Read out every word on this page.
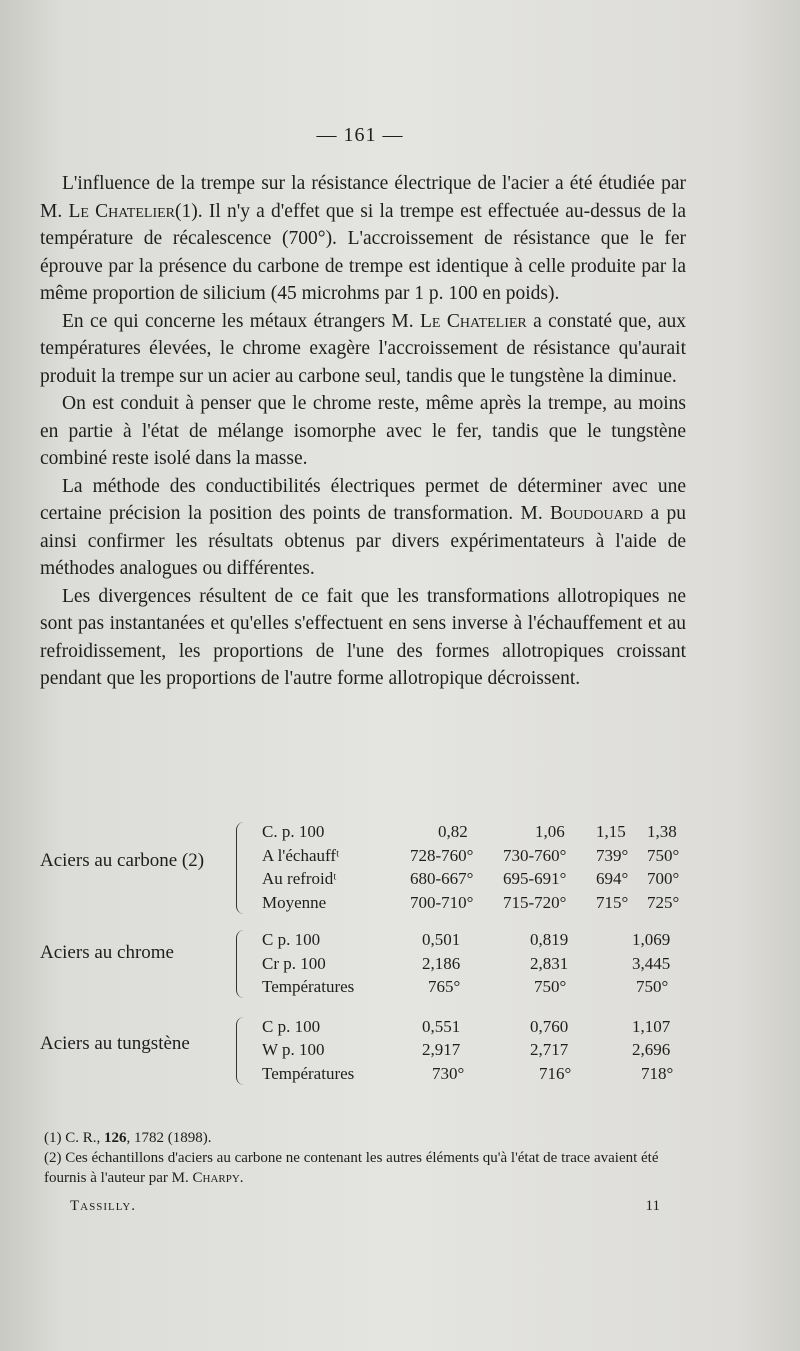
— 161 —

L'influence de la trempe sur la résistance électrique de l'acier a été étudiée par M. Le Chatelier(1). Il n'y a d'effet que si la trempe est effectuée au-dessus de la température de récalescence (700°). L'accroissement de résistance que le fer éprouve par la présence du carbone de trempe est identique à celle produite par la même proportion de silicium (45 microhms par 1 p. 100 en poids).

En ce qui concerne les métaux étrangers M. Le Chatelier a constaté que, aux températures élevées, le chrome exagère l'accroissement de résistance qu'aurait produit la trempe sur un acier au carbone seul, tandis que le tungstène la diminue.

On est conduit à penser que le chrome reste, même après la trempe, au moins en partie à l'état de mélange isomorphe avec le fer, tandis que le tungstène combiné reste isolé dans la masse.

La méthode des conductibilités électriques permet de déterminer avec une certaine précision la position des points de transformation. M. Boudouard a pu ainsi confirmer les résultats obtenus par divers expérimentateurs à l'aide de méthodes analogues ou différentes.

Les divergences résultent de ce fait que les transformations allotropiques ne sont pas instantanées et qu'elles s'effectuent en sens inverse à l'échauffement et au refroidissement, les proportions de l'une des formes allotropiques croissant pendant que les proportions de l'autre forme allotropique décroissent.

Aciers au carbone (2)
C. p. 100	0,82	1,06 1,15 1,38
A l'échauffᵗ	728-760° 730-760° 739° 750°
Au refroidᵗ	680-667° 695-691° 694° 700°
Moyenne	700-710° 715-720° 715° 725°
Aciers au chrome
C p. 100	0,501	0,819	1,069
Cr p. 100	2,186	2,831	3,445
Températures	765°	750°	750°
Aciers au tungstène
C p. 100	0,551	0,760	1,107
W p. 100	2,917	2,717	2,696
Températures	730°	716°	718°

(1) C. R., 126, 1782 (1898).

(2) Ces échantillons d'aciers au carbone ne contenant les autres éléments qu'à l'état de trace avaient été fournis à l'auteur par M. Charpy.

Tassilly.	11
